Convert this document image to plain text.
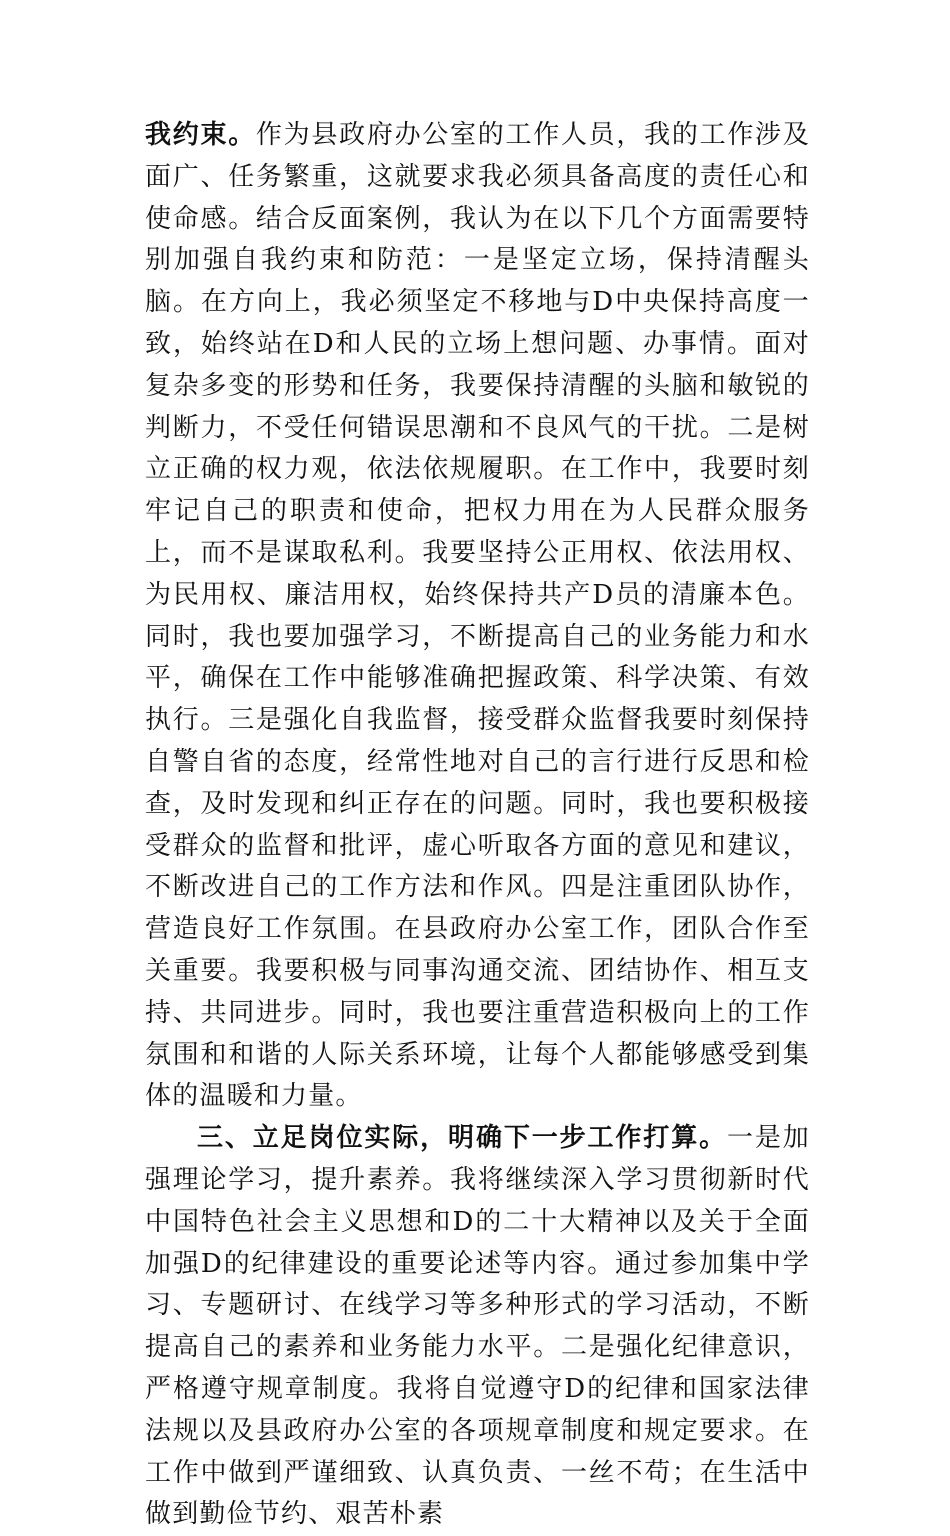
我约束。作为县政府办公室的工作人员，我的工作涉及面广、任务繁重，这就要求我必须具备高度的责任心和使命感。结合反面案例，我认为在以下几个方面需要特别加强自我约束和防范：一是坚定立场，保持清醒头脑。在方向上，我必须坚定不移地与D中央保持高度一致，始终站在D和人民的立场上想问题、办事情。面对复杂多变的形势和任务，我要保持清醒的头脑和敏锐的判断力，不受任何错误思潮和不良风气的干扰。二是树立正确的权力观，依法依规履职。在工作中，我要时刻牢记自己的职责和使命，把权力用在为人民群众服务上，而不是谋取私利。我要坚持公正用权、依法用权、为民用权、廉洁用权，始终保持共产D员的清廉本色。同时，我也要加强学习，不断提高自己的业务能力和水平，确保在工作中能够准确把握政策、科学决策、有效执行。三是强化自我监督，接受群众监督我要时刻保持自警自省的态度，经常性地对自己的言行进行反思和检查，及时发现和纠正存在的问题。同时，我也要积极接受群众的监督和批评，虚心听取各方面的意见和建议，不断改进自己的工作方法和作风。四是注重团队协作，营造良好工作氛围。在县政府办公室工作，团队合作至关重要。我要积极与同事沟通交流、团结协作、相互支持、共同进步。同时，我也要注重营造积极向上的工作氛围和和谐的人际关系环境，让每个人都能够感受到集体的温暖和力量。

三、立足岗位实际，明确下一步工作打算。一是加强理论学习，提升素养。我将继续深入学习贯彻新时代中国特色社会主义思想和D的二十大精神以及关于全面加强D的纪律建设的重要论述等内容。通过参加集中学习、专题研讨、在线学习等多种形式的学习活动，不断提高自己的素养和业务能力水平。二是强化纪律意识，严格遵守规章制度。我将自觉遵守D的纪律和国家法律法规以及县政府办公室的各项规章制度和规定要求。在工作中做到严谨细致、认真负责、一丝不苟；在生活中做到勤俭节约、艰苦朴素
